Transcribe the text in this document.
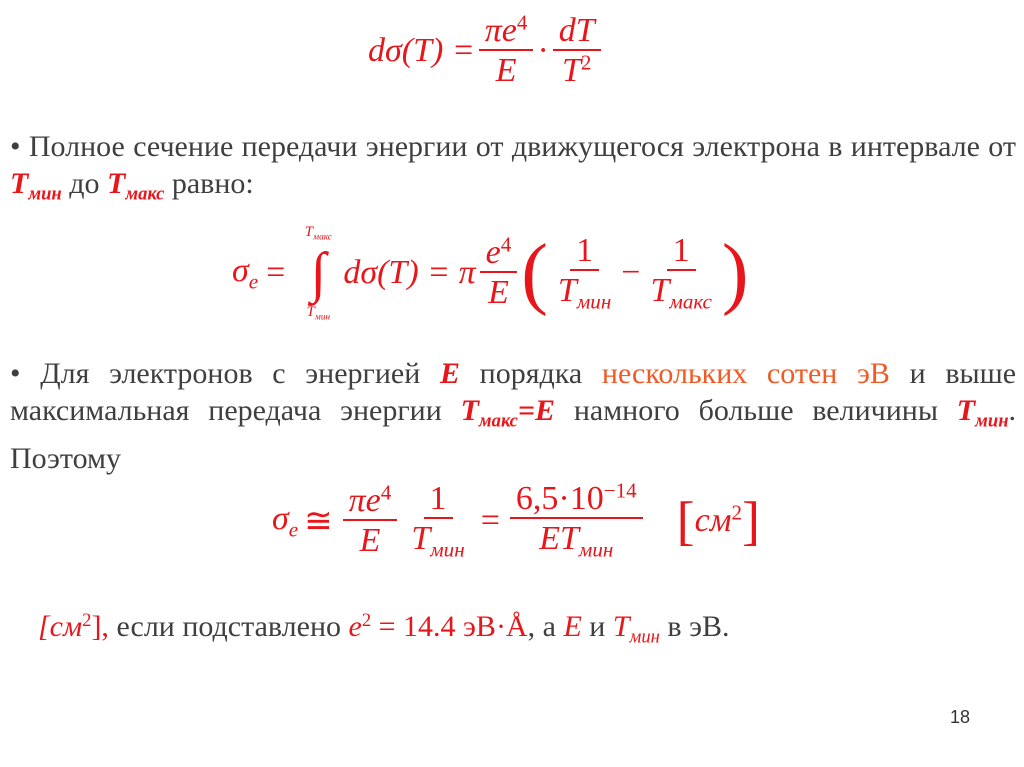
$d\sigma(T) = \frac{\pi e^4}{E} \cdot \frac{dT}{T^2}$
• Полное сечение передачи энергии от движущегося электрона в интервале от $T_{мин}$ до $T_{макс}$ равно:
$\sigma_e$ =
$T_{макс}$
∫
$T_{мин}$
dσ(T) = π $\frac{e^4}{E}$ ( $\frac{1}{T_{мин}} - \frac{1}{T_{макс}}$ )
• Для электронов с энергией E порядка нескольких сотен эВ и выше максимальная передача энергии $T_{макс}=E$ намного больше величины $T_{мин}$. Поэтому
$\sigma_e$ ≅ $\frac{\pi e^4}{E} \frac{1}{T_{мин}} = \frac{6,5\cdot 10^{-14}}{ET_{мин}}$ [ $см^2$ ]
$[см^2]$, если подставлено $e^2 = 14.4$ эВ·Å, а E и $T_{мин}$ в эВ.
18
